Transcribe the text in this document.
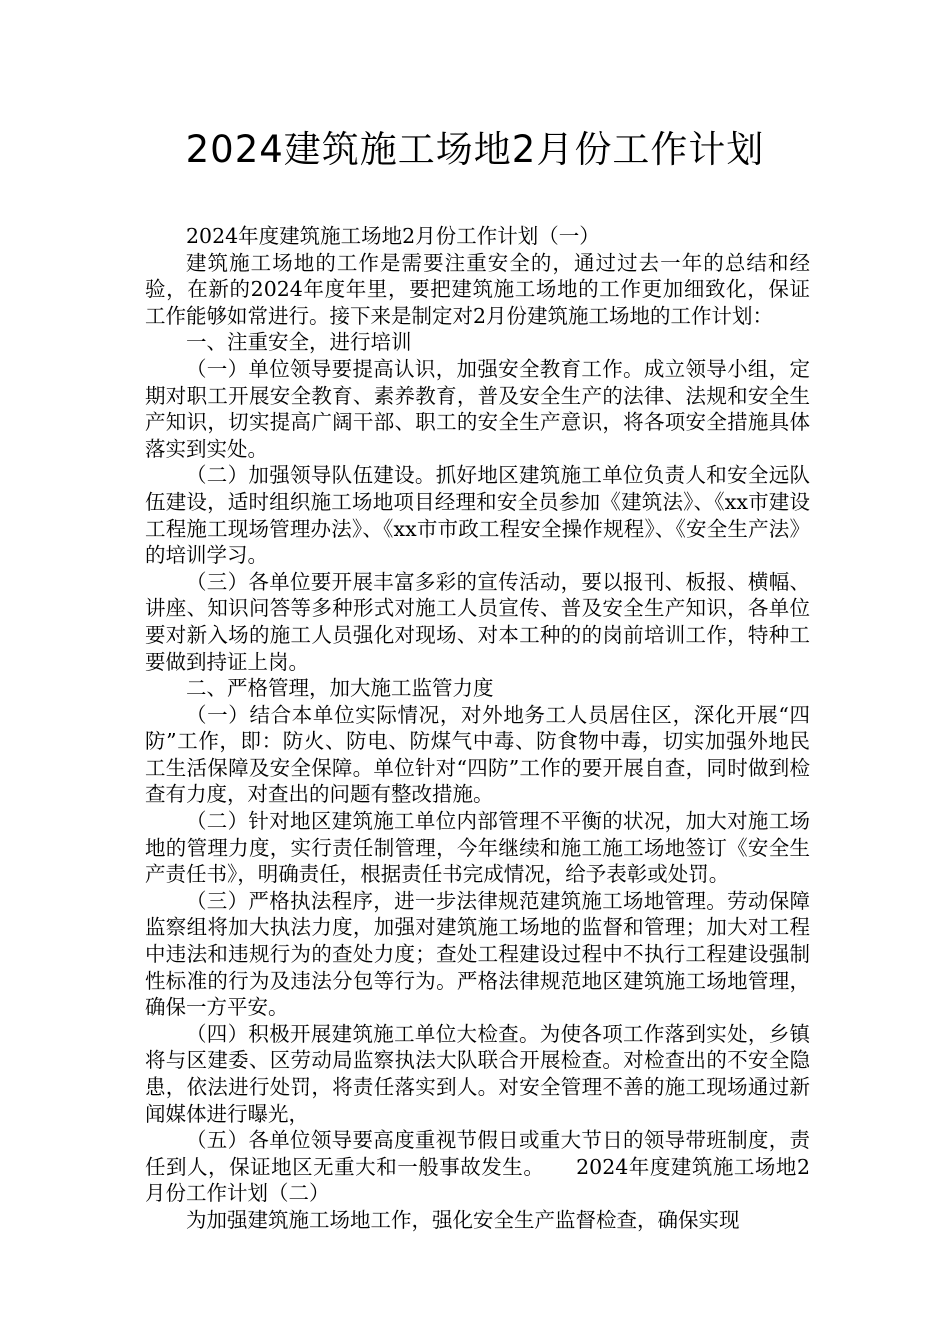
2024建筑施工场地2月份工作计划

2024年度建筑施工场地2月份工作计划（一）

建筑施工场地的工作是需要注重安全的，通过过去一年的总结和经验，在新的2024年度年里，要把建筑施工场地的工作更加细致化，保证工作能够如常进行。接下来是制定对2月份建筑施工场地的工作计划：

一、注重安全，进行培训

（一）单位领导要提高认识，加强安全教育工作。成立领导小组，定期对职工开展安全教育、素养教育，普及安全生产的法律、法规和安全生产知识，切实提高广阔干部、职工的安全生产意识，将各项安全措施具体落实到实处。

（二）加强领导队伍建设。抓好地区建筑施工单位负责人和安全远队伍建设，适时组织施工场地项目经理和安全员参加《建筑法》、《xx市建设工程施工现场管理办法》、《xx市市政工程安全操作规程》、《安全生产法》的培训学习。

（三）各单位要开展丰富多彩的宣传活动，要以报刊、板报、横幅、讲座、知识问答等多种形式对施工人员宣传、普及安全生产知识，各单位要对新入场的施工人员强化对现场、对本工种的的岗前培训工作，特种工要做到持证上岗。

二、严格管理，加大施工监管力度

（一）结合本单位实际情况，对外地务工人员居住区，深化开展“四防”工作，即：防火、防电、防煤气中毒、防食物中毒，切实加强外地民工生活保障及安全保障。单位针对“四防”工作的要开展自查，同时做到检查有力度，对查出的问题有整改措施。

（二）针对地区建筑施工单位内部管理不平衡的状况，加大对施工场地的管理力度，实行责任制管理，今年继续和施工施工场地签订《安全生产责任书》，明确责任，根据责任书完成情况，给予表彰或处罚。

（三）严格执法程序，进一步法律规范建筑施工场地管理。劳动保障监察组将加大执法力度，加强对建筑施工场地的监督和管理；加大对工程中违法和违规行为的查处力度；查处工程建设过程中不执行工程建设强制性标准的行为及违法分包等行为。严格法律规范地区建筑施工场地管理，确保一方平安。

（四）积极开展建筑施工单位大检查。为使各项工作落到实处，乡镇将与区建委、区劳动局监察执法大队联合开展检查。对检查出的不安全隐患，依法进行处罚，将责任落实到人。对安全管理不善的施工现场通过新闻媒体进行曝光，

（五）各单位领导要高度重视节假日或重大节日的领导带班制度，责任到人，保证地区无重大和一般事故发生。　　2024年度建筑施工场地2月份工作计划（二）

为加强建筑施工场地工作，强化安全生产监督检查，确保实现
